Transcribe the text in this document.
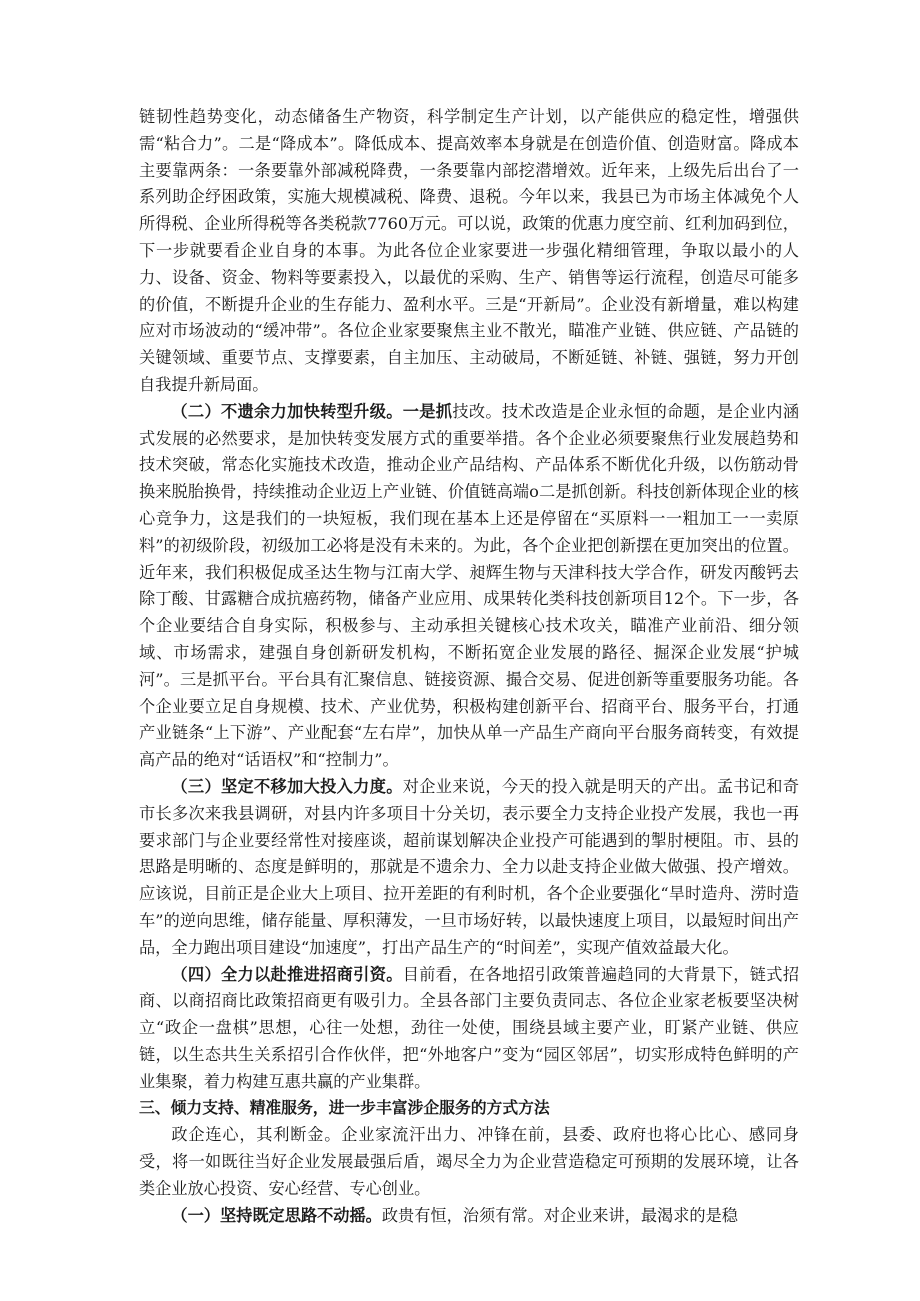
链韧性趋势变化，动态储备生产物资，科学制定生产计划，以产能供应的稳定性，增强供需“粘合力”。二是“降成本”。降低成本、提高效率本身就是在创造价值、创造财富。降成本主要靠两条：一条要靠外部减税降费，一条要靠内部挖潜增效。近年来，上级先后出台了一系列助企纾困政策，实施大规模减税、降费、退税。今年以来，我县已为市场主体减免个人所得税、企业所得税等各类税款7760万元。可以说，政策的优惠力度空前、红利加码到位，下一步就要看企业自身的本事。为此各位企业家要进一步强化精细管理，争取以最小的人力、设备、资金、物料等要素投入，以最优的采购、生产、销售等运行流程，创造尽可能多的价值，不断提升企业的生存能力、盈利水平。三是“开新局”。企业没有新增量，难以构建应对市场波动的“缓冲带”。各位企业家要聚焦主业不散光，瞄准产业链、供应链、产品链的关键领域、重要节点、支撑要素，自主加压、主动破局，不断延链、补链、强链，努力开创自我提升新局面。

（二）不遗余力加快转型升级。一是抓技改。技术改造是企业永恒的命题，是企业内涵式发展的必然要求，是加快转变发展方式的重要举措。各个企业必须要聚焦行业发展趋势和技术突破，常态化实施技术改造，推动企业产品结构、产品体系不断优化升级，以伤筋动骨换来脱胎换骨，持续推动企业迈上产业链、价值链高端o二是抓创新。科技创新体现企业的核心竞争力，这是我们的一块短板，我们现在基本上还是停留在“买原料一一粗加工一一卖原料”的初级阶段，初级加工必将是没有未来的。为此，各个企业把创新摆在更加突出的位置。近年来，我们积极促成圣达生物与江南大学、昶辉生物与天津科技大学合作，研发丙酸钙去除丁酸、甘露糖合成抗癌药物，储备产业应用、成果转化类科技创新项目12个。下一步，各个企业要结合自身实际，积极参与、主动承担关键核心技术攻关，瞄准产业前沿、细分领域、市场需求，建强自身创新研发机构，不断拓宽企业发展的路径、掘深企业发展“护城河”。三是抓平台。平台具有汇聚信息、链接资源、撮合交易、促进创新等重要服务功能。各个企业要立足自身规模、技术、产业优势，积极构建创新平台、招商平台、服务平台，打通产业链条“上下游”、产业配套“左右岸”，加快从单一产品生产商向平台服务商转变，有效提高产品的绝对“话语权”和“控制力”。

（三）坚定不移加大投入力度。对企业来说，今天的投入就是明天的产出。孟书记和奇市长多次来我县调研，对县内许多项目十分关切，表示要全力支持企业投产发展，我也一再要求部门与企业要经常性对接座谈，超前谋划解决企业投产可能遇到的掣肘梗阻。市、县的思路是明晰的、态度是鲜明的，那就是不遗余力、全力以赴支持企业做大做强、投产增效。应该说，目前正是企业大上项目、拉开差距的有利时机，各个企业要强化“旱时造舟、涝时造车”的逆向思维，储存能量、厚积薄发，一旦市场好转，以最快速度上项目，以最短时间出产品，全力跑出项目建设“加速度”，打出产品生产的“时间差”，实现产值效益最大化。

（四）全力以赴推进招商引资。目前看，在各地招引政策普遍趋同的大背景下，链式招商、以商招商比政策招商更有吸引力。全县各部门主要负责同志、各位企业家老板要坚决树立“政企一盘棋”思想，心往一处想，劲往一处使，围绕县域主要产业，盯紧产业链、供应链，以生态共生关系招引合作伙伴，把“外地客户”变为“园区邻居”，切实形成特色鲜明的产业集聚，着力构建互惠共赢的产业集群。

三、倾力支持、精准服务，进一步丰富涉企服务的方式方法

政企连心，其利断金。企业家流汗出力、冲锋在前，县委、政府也将心比心、感同身受，将一如既往当好企业发展最强后盾，竭尽全力为企业营造稳定可预期的发展环境，让各类企业放心投资、安心经营、专心创业。

（一）坚持既定思路不动摇。政贵有恒，治须有常。对企业来讲，最渴求的是稳
